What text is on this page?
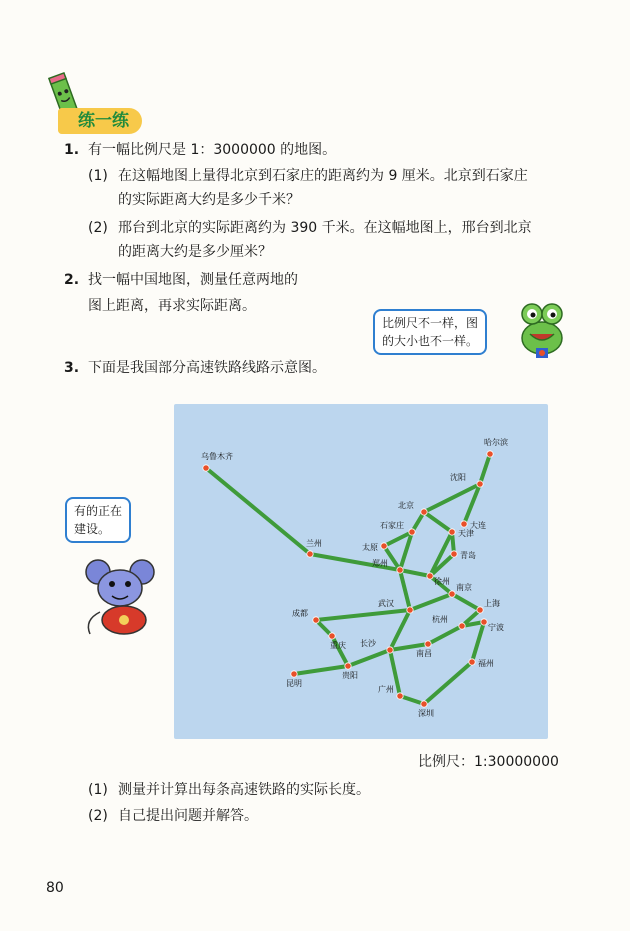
练一练
1. 有一幅比例尺是 1：3000000 的地图。
(1) 在这幅地图上量得北京到石家庄的距离约为 9 厘米。北京到石家庄
的实际距离大约是多少千米？
(2) 邢台到北京的实际距离约为 390 千米。在这幅地图上，邢台到北京
的距离大约是多少厘米？
2. 找一幅中国地图，测量任意两地的
图上距离，再求实际距离。
比例尺不一样，图
的大小也不一样。
3. 下面是我国部分高速铁路线路示意图。
有的正在
建设。
乌鲁木齐
哈尔滨
沈阳
大连
北京
天津
石家庄
太原
青岛
兰州
郑州
徐州
南京
上海
杭州
宁波
武汉
成都
重庆 长沙
南昌
贵阳
昆明
福州
广州
深圳
比例尺：1:30000000
(1) 测量并计算出每条高速铁路的实际长度。
(2) 自己提出问题并解答。
80
